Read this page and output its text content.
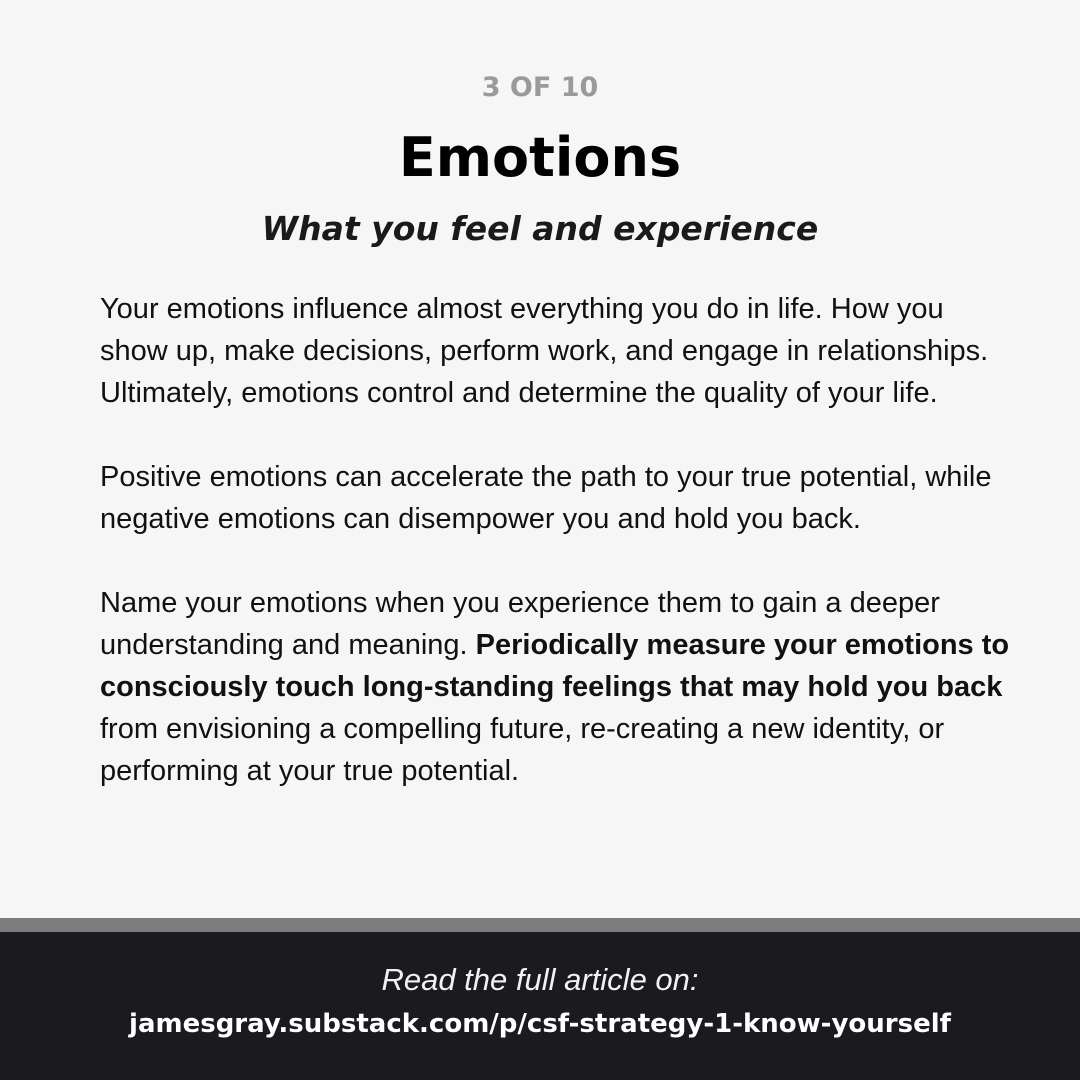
3 OF 10
Emotions
What you feel and experience

Your emotions influence almost everything you do in life. How you show up, make decisions, perform work, and engage in relationships. Ultimately, emotions control and determine the quality of your life.

Positive emotions can accelerate the path to your true potential, while negative emotions can disempower you and hold you back.

Name your emotions when you experience them to gain a deeper understanding and meaning. Periodically measure your emotions to consciously touch long-standing feelings that may hold you back from envisioning a compelling future, re-creating a new identity, or performing at your true potential.

Read the full article on:
jamesgray.substack.com/p/csf-strategy-1-know-yourself
